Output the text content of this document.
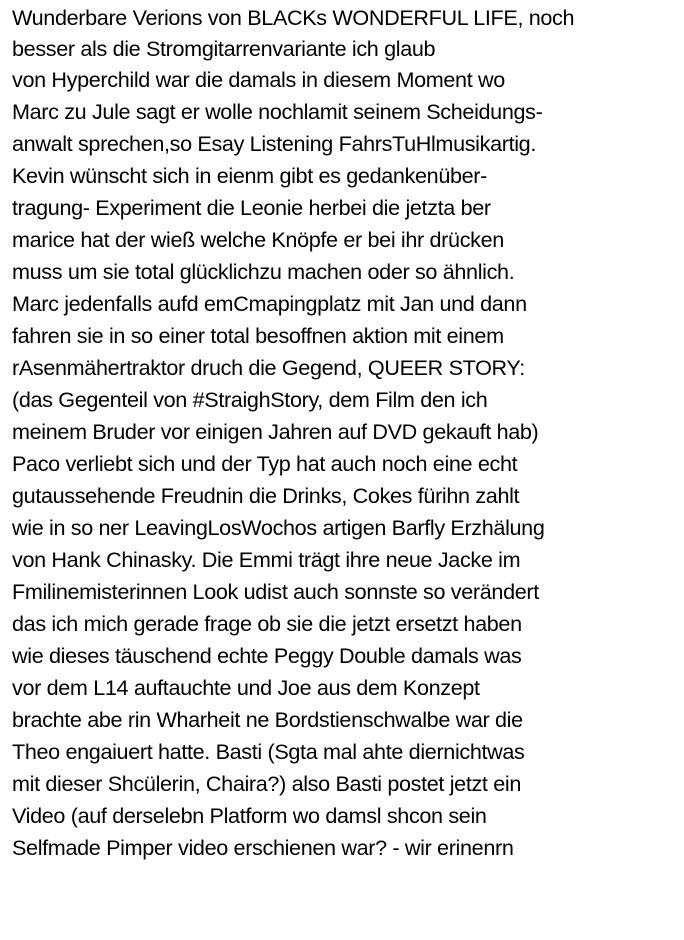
Wunderbare Verions von BLACKs WONDERFUL LIFE, noch
besser als die Stromgitarrenvariante ich glaub
von Hyperchild war die damals in diesem Moment wo
Marc zu Jule sagt er wolle nochlamit seinem Scheidungs-
anwalt sprechen,so Esay Listening FahrsTuHlmusikartig.
Kevin wünscht sich in eienm gibt es gedankenüber-
tragung- Experiment die Leonie herbei die jetzta ber
marice hat der wieß welche Knöpfe er bei ihr drücken
muss um sie total glücklichzu machen oder so ähnlich.
Marc jedenfalls aufd emCmapingplatz mit Jan und dann
fahren sie in so einer total besoffnen aktion mit einem
rAsenmähertraktor druch die Gegend, QUEER STORY:
(das Gegenteil von #StraighStory, dem Film den ich
meinem Bruder vor einigen Jahren auf DVD gekauft hab)
Paco verliebt sich und der Typ hat auch noch eine echt
gutaussehende Freudnin die Drinks, Cokes fürihn zahlt
wie in so ner LeavingLosWochos artigen Barfly Erzhälung
von Hank Chinasky. Die Emmi trägt ihre neue Jacke im
Fmilinemisterinnen Look udist auch sonnste so verändert
das ich mich gerade frage ob sie die jetzt ersetzt haben
wie dieses täuschend echte Peggy Double damals was
vor dem L14 auftauchte und Joe aus dem Konzept
brachte abe rin Wharheit ne Bordstienschwalbe war die
Theo engaiuert hatte. Basti (Sgta mal ahte diernichtwas
mit dieser Shcülerin, Chaira?) also Basti postet jetzt ein
Video (auf derselebn Platform wo damsl shcon sein
Selfmade Pimper video erschienen war? - wir erinenrn
